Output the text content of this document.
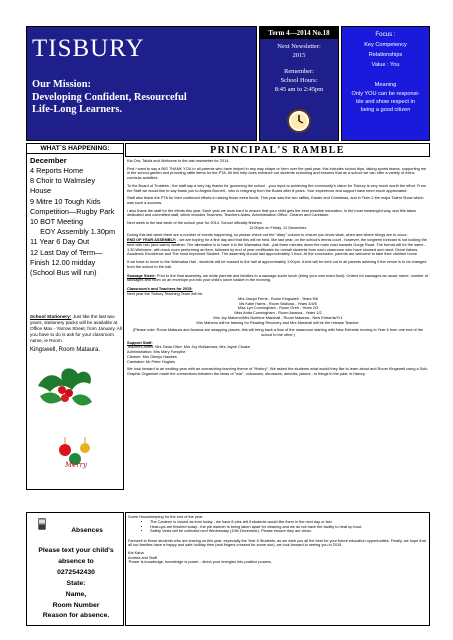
TISBURY
Our Mission:
Developing Confident, Resourceful
Life-Long Learners.
Term 4—2014 No.18
Next Newsletter:
2015
Remember:
School Hours:
8:45 am to 2:45pm
Focus :
Key Competency
Relationships
Value : You
Meaning
Only YOU can be responsi-
ble and show respect in
being a good citizen
WHAT`S HAPPENING:
December
4 Reports Home
8 Choir to Walmsley
House
9 Mitre 10 Tough Kids
Competition—Rugby Park
10 BOT Meeting
EOY Assembly 1.30pm
11 Year 6 Day Out
12 Last Day of Term—
Finish 12.00 midday
(School Bus will run)
School Stationery: Just like the last two years, stationery packs will be available at Office Max - Yarrow Street, from January. All you have to do is ask for your classroom name, ie Room
Kingswell, Room Mataura.
Merry
Absences
Please text your child's
absence to
0272542430
State:
Name,
Room Number
Reason for absence.
PRINCIPAL'S RAMBLE

Kia Ora, Talofa and Welcome to the last newsletter for 2014.

First I want to say a BIG THANK YOU to all parents who have helped in any way shape or form over the past year; this includes school trips, taking sports teams, supporting me in the school garden and providing raffle items for the PTA. All this help does enhance our students schooling and ensures that as a school we can offer a variety of extra-curricula activities.

To the Board of Trustees - the staff say a very big thanks for governing the school - your input to achieving the community's vision for Tisbury is very much worth the effort. From the Staff we would like to say thank you to Angela Burnett - who is resigning from the Board after 8 years. Your experience and support have been much appreciated.

Staff also thank the PTA for their continued efforts in raising those extra funds. This year saw the two raffles, Easter and Christmas, and in Term 2 the major Talent Show which was such a success.

I also thank the staff for the efforts this year. Each year we work hard to ensure that your child gets the best possible education, in the most meaningful way, and this takes dedicated and committed staff, which includes Teachers, Teachers Aides, Administration Office, Cleaner and Caretaker.

Next week is the last week of the school year for 2014. School officially finishes:

12:00pm on Friday, 12 December.

During this last week there are a number of events happening, so please check out the "diary" column to ensure you know what, when and where things are to occur:

END OF YEAR ASSEMBLY: - we are hoping for a fine day and that this will be held, like last year, on the school's tennis court - however, the longterm forecast is not looking the best with rain (and warm) weather. The alternative is to have it in the Waimatua Hall - just three minutes down the main road towards Gorge Road. The format will be the same - 1:30 Welcome, with each room performing an item, followed by end of year certificates for overall students from each classroom who have showed and used: Great Values, Academic Excellence and The most Improved Student. The assembly should last approximately 1 hour. At the conclusion, parents are welcome to take their children home.

If we have to move to the Waimatua Hall - students will be bussed to the hall at approximately 1:00pm. A text will be sent out to all parents advising if the venue is to be changed from the school to the hall.

Sausage Sizzle: Prior to the final assembly, we invite parents and families to a sausage sizzle lunch (bring your own extra food). Orders for sausages as usual: name, number of sausages and room on an envelope put into your child's lunch basket in the morning.

Classroom's and Teachers for 2015:
Next year the Tisbury Teaching Team will be:

Mrs Jacqui Ferris - Room Kingswell - Years 5/6
Ms Katie Harris - Room Waituna - Years 3/4/5
Miss Lyn Cunningham - Room Oreti - Years 2/3
Miss Anita Cunningham - Room Awarua - Years 1/2
Mrs Joy Maheno/Mrs Noelene Marshall - Room Mataura - New Entrants/Yr1
Mrs Maheno will be training for Reading Recovery and Mrs Marshall will be the release Teacher.

(Please note: Room Mataura and Awarua are swapping places, this will bring back a flow of the classroom starting with New Entrants moving to Year 6 from one end of the school to the other.)

Support Staff:

Teachers Aides: Mrs Tania Olive; Mrs Joy McNamara; Mrs Jayne Cloake
Administration: Mrs Mary Forsythe
Cleaner: Mrs Glenys Hawkes
Caretaker: Mr Peter Hughes

We look forward to an exciting year with an overarching learning theme of "History". We asked the students what would they like to learn about and Room Kingswell using a Solo Graphic Organiser made the connections between the ideas of "war", volcanoes, dinosaurs, animals, places - to things in the past, ie history.

Some Housekeeping for the end of the year:
• The Canteen is closed as from today - we have 8 pies left if students would like them in the next day or two.
• Heat-ups are finished today - the pie warmer is being taken apart for cleaning and we do not have the facility to heat up food.
• Safety Vests will be collected next Wednesday (10th December). Please ensure they are clean.

Farewell to those students who are leaving us this year, especially the Year 6 Students, as we wish you all the best for your future education opportunities. Finally, we hope that all our families have a happy and safe holiday time (and fingers crossed for some sun), we look forward to seeing you in 2015.

Kia Kaha
Andrea and Staff
'Power is knowledge, knowledge is power - direct your energies into positive powers.
